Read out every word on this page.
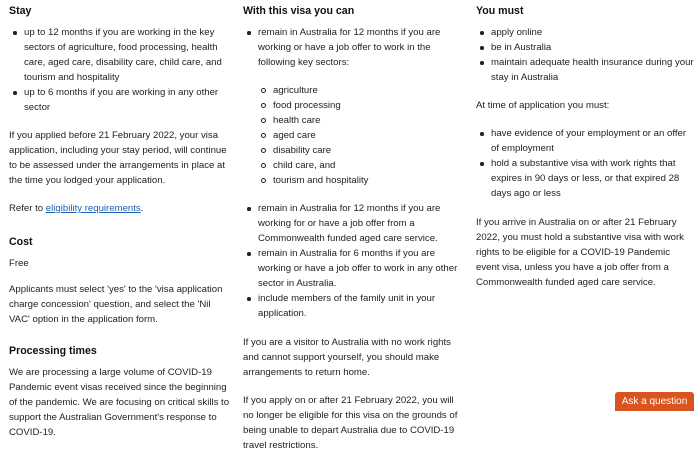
Stay
up to 12 months if you are working in the key sectors of agriculture, food processing, health care, aged care, disability care, child care, and tourism and hospitality
up to 6 months if you are working in any other sector

If you applied before 21 February 2022, your visa application, including your stay period, will continue to be assessed under the arrangements in place at the time you lodged your application.

Refer to eligibility requirements.

Cost

Free

Applicants must select 'yes' to the 'visa application charge concession' question, and select the 'Nil VAC' option in the application form.

Processing times

We are processing a large volume of COVID-19 Pandemic event visas received since the beginning of the pandemic. We are focusing on critical skills to support the Australian Government's response to COVID-19.

With this visa you can
remain in Australia for 12 months if you are working or have a job offer to work in the following key sectors:
agriculture
food processing
health care
aged care
disability care
child care, and
tourism and hospitality
remain in Australia for 12 months if you are working for or have a job offer from a Commonwealth funded aged care service.
remain in Australia for 6 months if you are working or have a job offer to work in any other sector in Australia.
include members of the family unit in your application.

If you are a visitor to Australia with no work rights and cannot support yourself, you should make arrangements to return home.

If you apply on or after 21 February 2022, you will no longer be eligible for this visa on the grounds of being unable to depart Australia due to COVID-19 travel restrictions.

You must
apply online
be in Australia
maintain adequate health insurance during your stay in Australia

At time of application you must:

have evidence of your employment or an offer of employment
hold a substantive visa with work rights that expires in 90 days or less, or that expired 28 days ago or less

If you arrive in Australia on or after 21 February 2022, you must hold a substantive visa with work rights to be eligible for a COVID-19 Pandemic event visa, unless you have a job offer from a Commonwealth funded aged care service.

Ask a question
